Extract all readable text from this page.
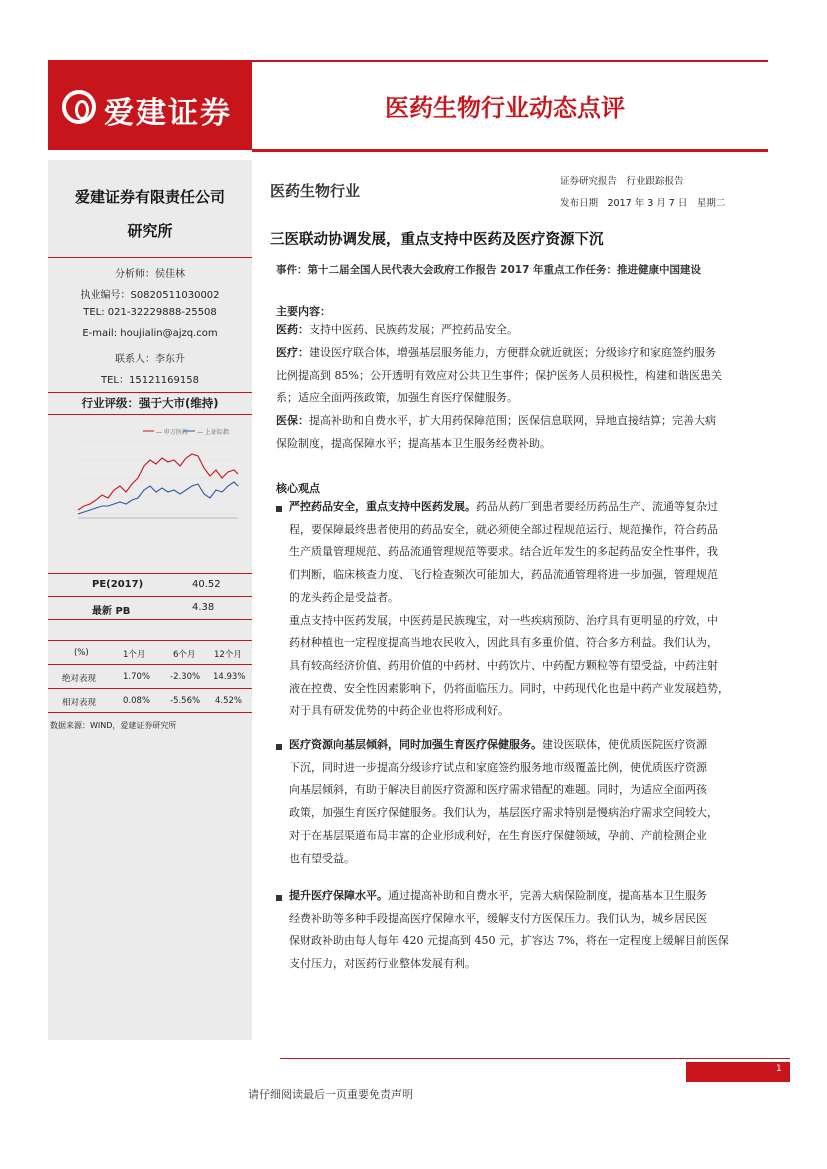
爱建证券	医药生物行业动态点评
爱建证券有限责任公司
研究所
分析师：侯佳林
执业编号：S0820511030002
TEL: 021-32229888-25508
E-mail: houjialin@ajzq.com
联系人：李东升
TEL：15121169158
行业评级：强于大市(维持)
— 申万医药 — 上证综指
PE(2017)	40.52
最新 PB	4.38
(%)	1个月	6个月 12个月
绝对表现	1.70% -2.30% 14.93%
相对表现	0.08% -5.56% 4.52%
数据来源：WIND，爱建证券研究所
医药生物行业
证券研究报告　行业跟踪报告
发布日期　2017 年 3 月 7 日　星期二
三医联动协调发展，重点支持中医药及医疗资源下沉
事件：第十二届全国人民代表大会政府工作报告 2017 年重点工作任务：推进健康中国建设
主要内容：
医药：支持中医药、民族药发展；严控药品安全。
医疗：建设医疗联合体，增强基层服务能力，方便群众就近就医；分级诊疗和家庭签约服务
比例提高到 85%；公开透明有效应对公共卫生事件；保护医务人员积极性，构建和谐医患关
系；适应全面两孩政策，加强生育医疗保健服务。
医保：提高补助和自费水平，扩大用药保障范围；医保信息联网，异地直接结算；完善大病
保险制度，提高保障水平；提高基本卫生服务经费补助。
核心观点
严控药品安全，重点支持中医药发展。药品从药厂到患者要经历药品生产、流通等复杂过
程，要保障最终患者使用的药品安全，就必须使全部过程规范运行、规范操作，符合药品
生产质量管理规范、药品流通管理规范等要求。结合近年发生的多起药品安全性事件，我
们判断，临床核查力度、飞行检查频次可能加大，药品流通管理将进一步加强，管理规范
的龙头药企是受益者。
重点支持中医药发展，中医药是民族瑰宝，对一些疾病预防、治疗具有更明显的疗效，中
药材种植也一定程度提高当地农民收入，因此具有多重价值、符合多方利益。我们认为，
具有较高经济价值、药用价值的中药材、中药饮片、中药配方颗粒等有望受益，中药注射
液在控费、安全性因素影响下，仍将面临压力。同时，中药现代化也是中药产业发展趋势，
对于具有研发优势的中药企业也将形成利好。
医疗资源向基层倾斜，同时加强生育医疗保健服务。建设医联体，使优质医院医疗资源
下沉，同时进一步提高分级诊疗试点和家庭签约服务地市级覆盖比例，使优质医疗资源
向基层倾斜，有助于解决目前医疗资源和医疗需求错配的难题。同时，为适应全面两孩
政策，加强生育医疗保健服务。我们认为，基层医疗需求特别是慢病治疗需求空间较大，
对于在基层渠道布局丰富的企业形成利好，在生育医疗保健领域，孕前、产前检测企业
也有望受益。
提升医疗保障水平。通过提高补助和自费水平，完善大病保险制度，提高基本卫生服务
经费补助等多种手段提高医疗保障水平，缓解支付方医保压力。我们认为，城乡居民医
保财政补助由每人每年 420 元提高到 450 元，扩容达 7%，将在一定程度上缓解目前医保
支付压力，对医药行业整体发展有利。
1
请仔细阅读最后一页重要免责声明
